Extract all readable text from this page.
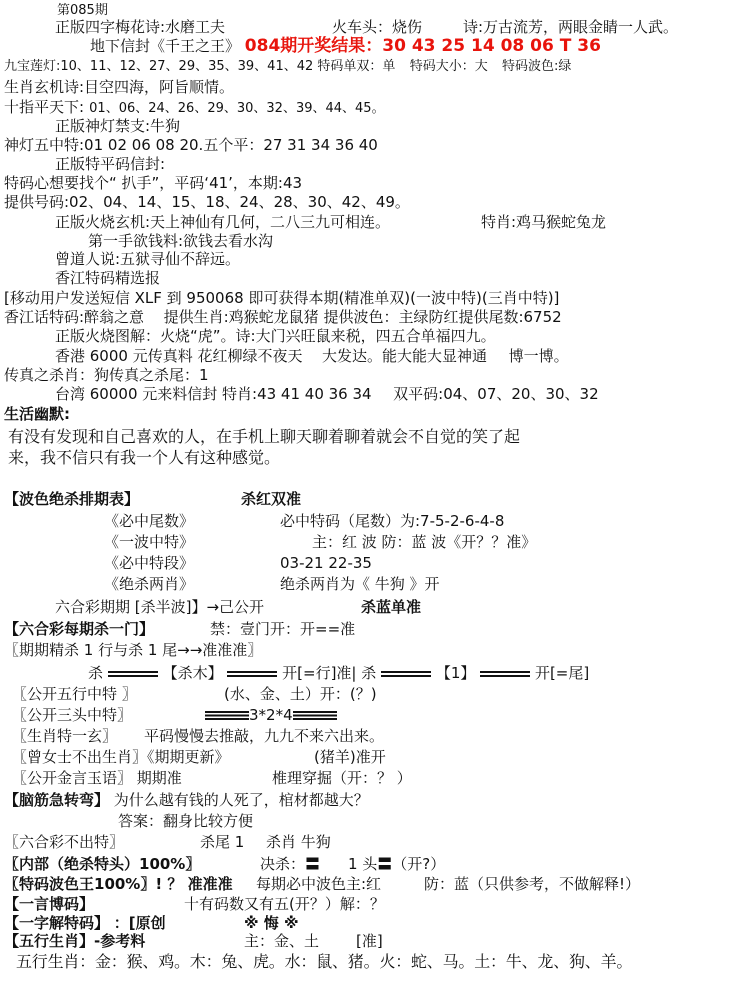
第085期
正版四字梅花诗:水磨工夫	火车头：烧伤	诗:万古流芳，两眼金睛一人武。
地下信封《千王之王》 084期开奖结果：30 43 25 14 08 06 T 36
九宝莲灯:10、11、12、27、29、35、39、41、42 特码单双：单 特码大小：大 特码波色:绿
生肖玄机诗:目空四海，阿旨顺情。
十指平天下: 01、06、24、26、29、30、32、39、44、45。
正版神灯禁支:牛狗
神灯五中特:01 02 06 08 20.五个平：27 31 34 36 40
正版特平码信封:
特码心想要找个“ 扒手”，平码‘41’，本期:43
提供号码:02、04、14、15、18、24、28、30、42、49。
正版火烧玄机:天上神仙有几何，二八三九可相连。	特肖:鸡马猴蛇兔龙
第一手欲钱料:欲钱去看水沟
曾道人说:五狱寻仙不辞远。
香江特码精选报
[移动用户发送短信 XLF 到 950068 即可获得本期(精准单双)(一波中特)(三肖中特)]
香江话特码:醉翁之意 提供生肖:鸡猴蛇龙鼠猪 提供波色：主绿防红提供尾数:6752
正版火烧图解：火烧“虎”。诗:大门兴旺鼠来税，四五合单福四九。
香港 6000 元传真料 花红柳绿不夜天 大发达。能大能大显神通 博一博。
传真之杀肖：狗传真之杀尾：1
台湾 60000 元来料信封 特肖:43 41 40 36 34 双平码:04、07、20、30、32
生活幽默:
有没有发现和自己喜欢的人，在手机上聊天聊着聊着就会不自觉的笑了起
来，我不信只有我一个人有这种感觉。
【波色绝杀排期表】	杀红双准
《必中尾数》	必中特码（尾数）为:7-5-2-6-4-8
《一波中特》	主：红 波 防：蓝 波《开？？准》
《必中特段》	03-21 22-35
《绝杀两肖》	绝杀两肖为《 牛狗 》开
六合彩期期 [杀半波]】→己公开	杀蓝单准
【六合彩每期杀一门】	禁：壹门开：开==准
〖期期精杀 1 行与杀 1 尾→→准准准〗
杀	【杀木】	开[=行]准| 杀	【1】	开[=尾]
〖公开五行中特 〗	(水、金、土）开：(？)
〖公开三头中特〗	3*2*4
〖生肖特一玄〗 平码慢慢去推敲，九九不来六出来。
〖曾女士不出生肖〗《期期更新》	(猪羊)准开
〖公开金言玉语〗 期期准	椎理穿掘（开：？ ）
【脑筋急转弯】 为什么越有钱的人死了，棺材都越大？
答案：翻身比较方便
〖六合彩不出特〗	杀尾 1 杀肖 牛狗
〖内部（绝杀特头）100%〗	决杀：〓 1 头〓（开?）
〖特码波色王100%〗! ？ 准准准 每期必中波色主:红	防：蓝（只供参考，不做解释!）
【一言博码】	十有码数又有五(开？）解：？
【一字解特码】 ：[原创	※ 悔 ※
【五行生肖】-参考料	主：金、土 [准]
五行生肖：金：猴、鸡。木：兔、虎。水：鼠、猪。火：蛇、马。土：牛、龙、狗、羊。
